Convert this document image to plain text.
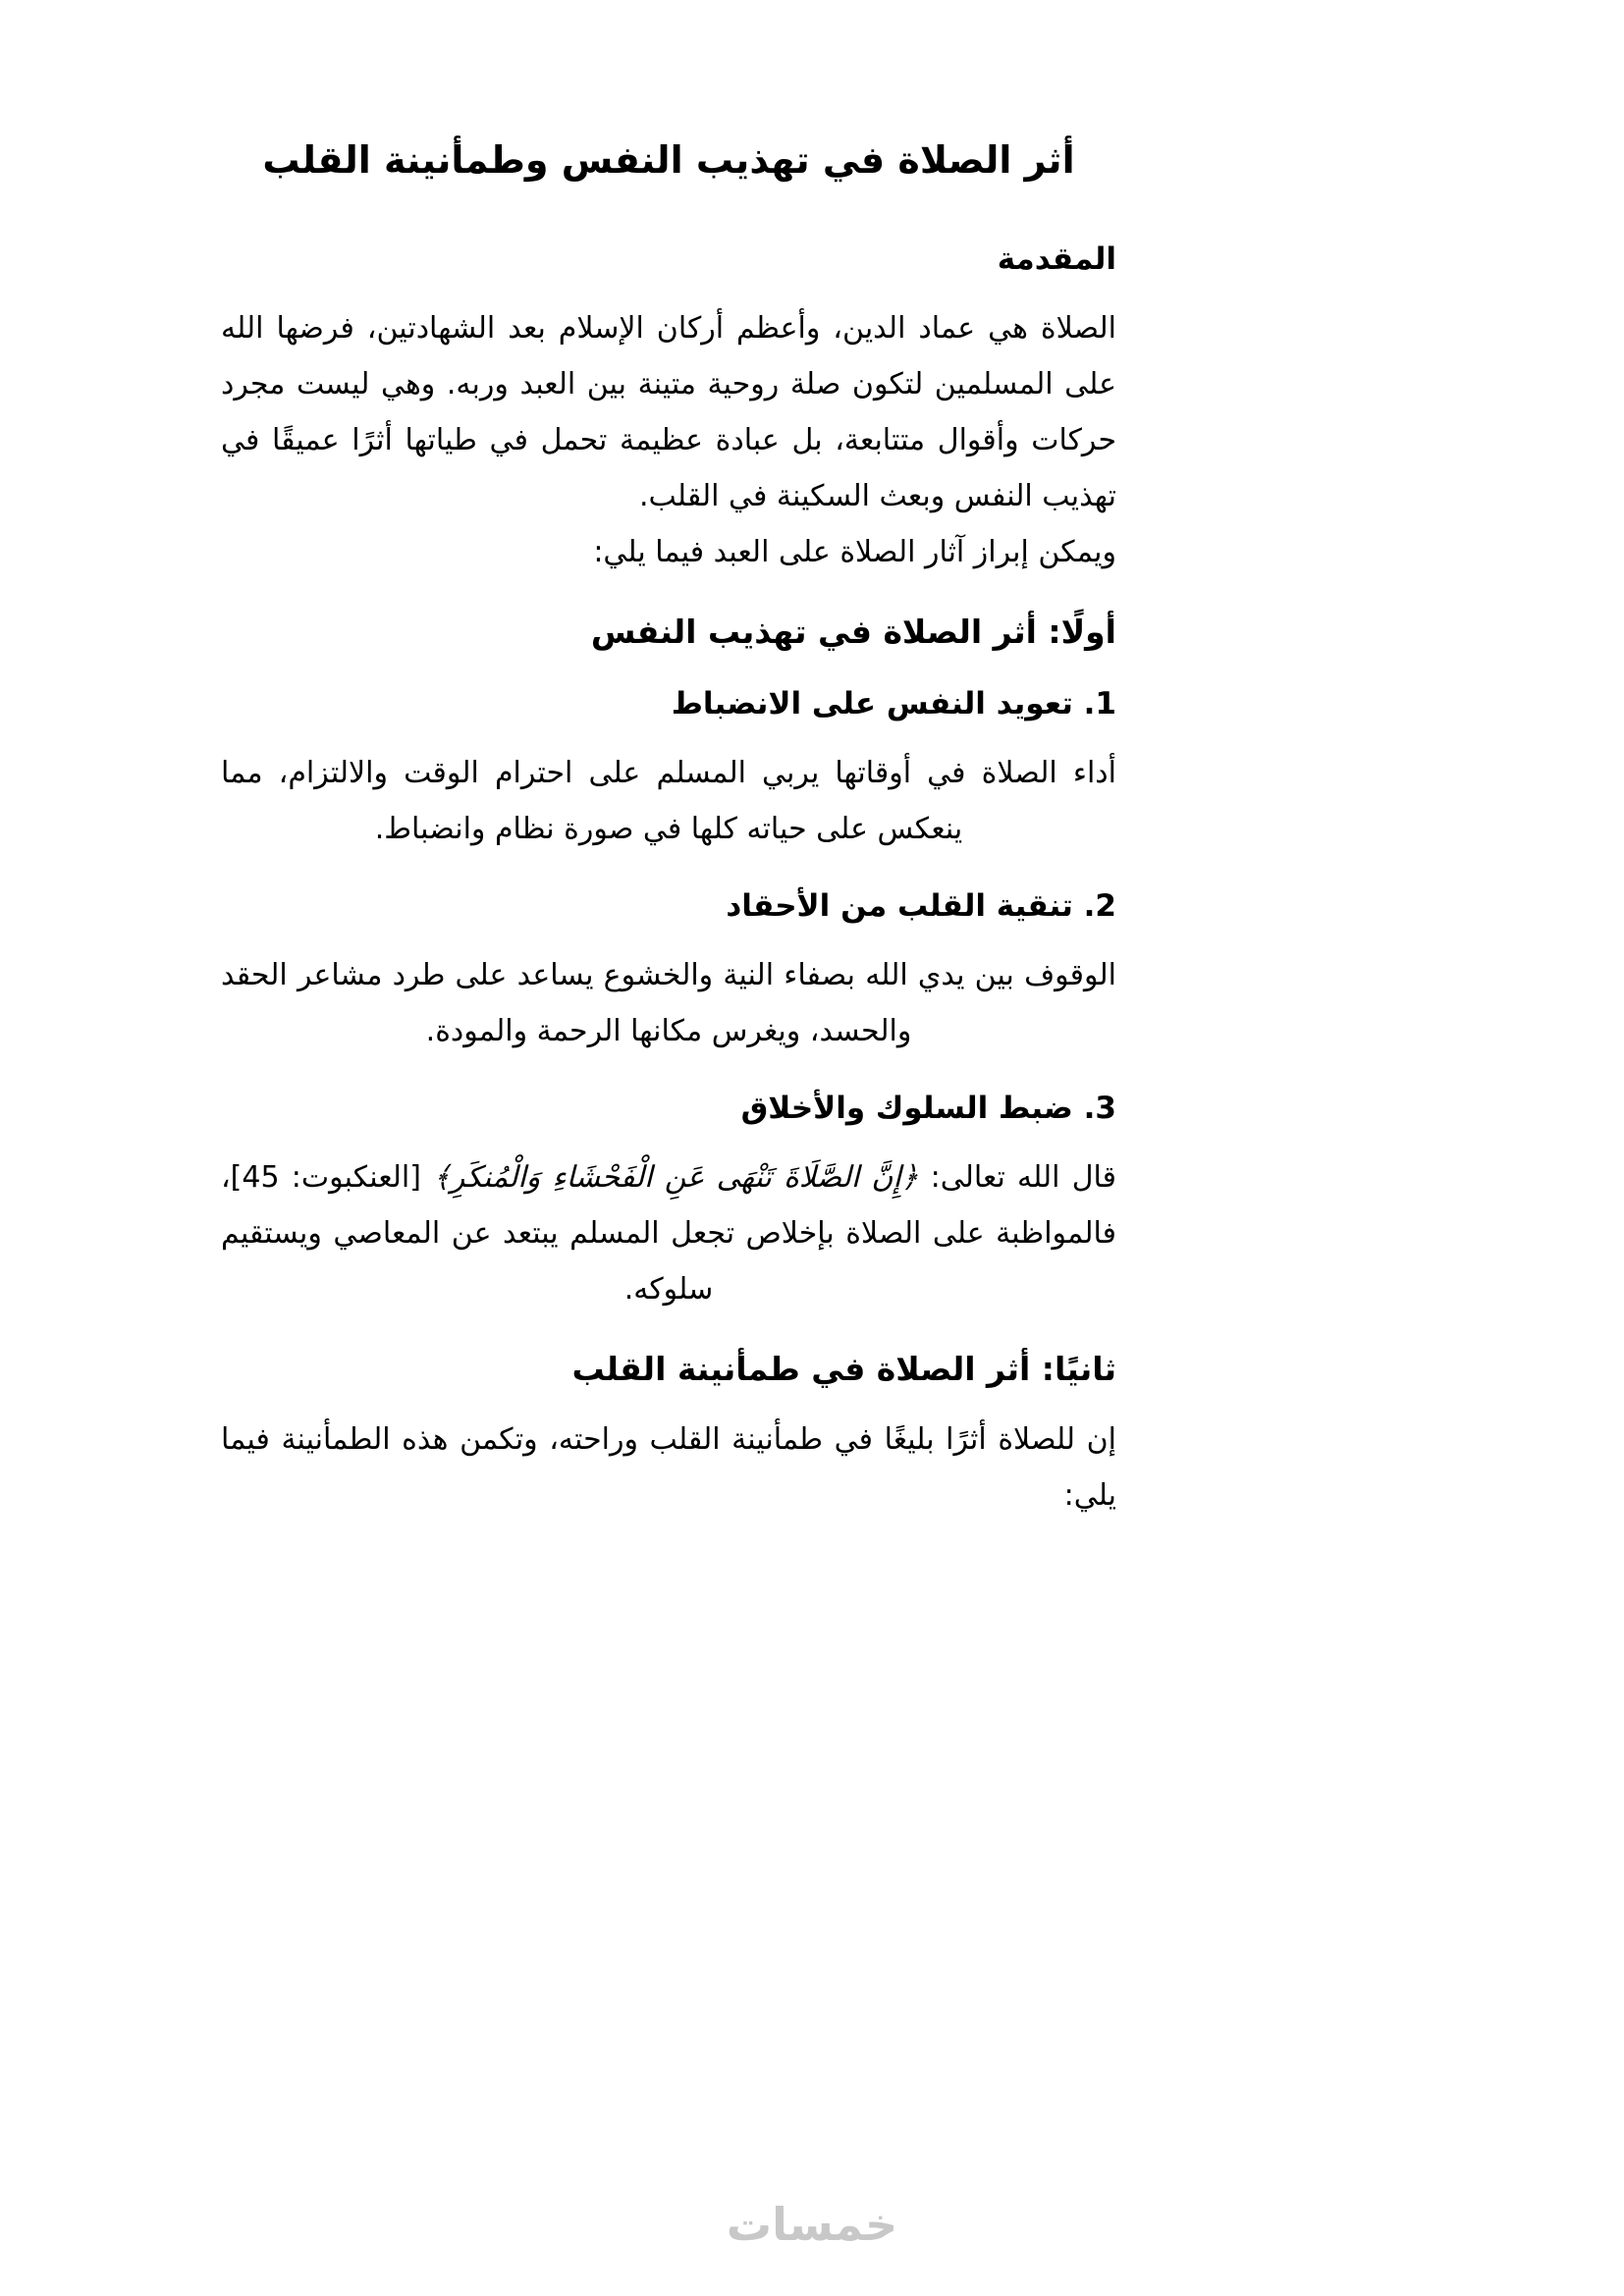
أثر الصلاة في تهذيب النفس وطمأنينة القلب
المقدمة

الصلاة هي عماد الدين، وأعظم أركان الإسلام بعد الشهادتين، فرضها الله على المسلمين لتكون صلة روحية متينة بين العبد وربه. وهي ليست مجرد حركات وأقوال متتابعة، بل عبادة عظيمة تحمل في طياتها أثرًا عميقًا في تهذيب النفس وبعث السكينة في القلب.

ويمكن إبراز آثار الصلاة على العبد فيما يلي:

أولًا: أثر الصلاة في تهذيب النفس
1. تعويد النفس على الانضباط

أداء الصلاة في أوقاتها يربي المسلم على احترام الوقت والالتزام، مما ينعكس على حياته كلها في صورة نظام وانضباط.

2. تنقية القلب من الأحقاد

الوقوف بين يدي الله بصفاء النية والخشوع يساعد على طرد مشاعر الحقد والحسد، ويغرس مكانها الرحمة والمودة.

3. ضبط السلوك والأخلاق

قال الله تعالى: ﴿إِنَّ الصَّلَاةَ تَنْهَى عَنِ الْفَحْشَاءِ وَالْمُنكَرِ﴾ [العنكبوت: 45]، فالمواظبة على الصلاة بإخلاص تجعل المسلم يبتعد عن المعاصي ويستقيم سلوكه.

ثانيًا: أثر الصلاة في طمأنينة القلب

إن للصلاة أثرًا بليغًا في طمأنينة القلب وراحته، وتكمن هذه الطمأنينة فيما يلي:

خمسات
